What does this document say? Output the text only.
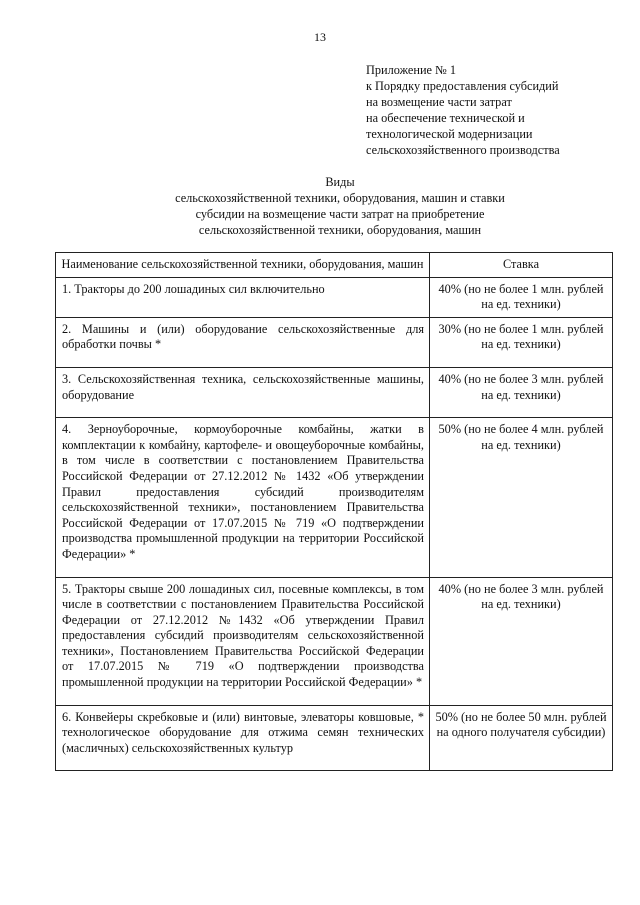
13
Приложение № 1
к Порядку предоставления субсидий
на возмещение части затрат
на обеспечение технической и
технологической модернизации
сельскохозяйственного производства
Виды
сельскохозяйственной техники, оборудования, машин и ставки
субсидии на возмещение части затрат на приобретение
сельскохозяйственной техники, оборудования, машин
Наименование сельскохозяйственной техники, оборудования, машин	Ставка
1. Тракторы до 200 лошадиных сил включительно	40% (но не более 1 млн. рублей на ед. техники)
2. Машины и (или) оборудование сельскохозяйственные для обработки почвы *	30% (но не более 1 млн. рублей на ед. техники)
3. Сельскохозяйственная техника, сельскохозяйственные машины, оборудование	40% (но не более 3 млн. рублей на ед. техники)
4. Зерноуборочные, кормоуборочные комбайны, жатки в комплектации к комбайну, картофеле- и овощеуборочные комбайны, в том числе в соответствии с постановлением Правительства Российской Федерации от 27.12.2012 № 1432 «Об утверждении Правил предоставления субсидий производителям сельскохозяйственной техники», постановлением Правительства Российской Федерации от 17.07.2015 № 719 «О подтверждении производства промышленной продукции на территории Российской Федерации» *	50% (но не более 4 млн. рублей на ед. техники)
5. Тракторы свыше 200 лошадиных сил, посевные комплексы, в том числе в соответствии с постановлением Правительства Российской Федерации от 27.12.2012 №1432 «Об утверждении Правил предоставления субсидий производителям сельскохозяйственной техники», Постановлением Правительства Российской Федерации от 17.07.2015 № 719 «О подтверждении производства промышленной продукции на территории Российской Федерации» *	40% (но не более 3 млн. рублей на ед. техники)
6. Конвейеры скребковые и (или) винтовые, элеваторы ковшовые, * технологическое оборудование для отжима семян технических (масличных) сельскохозяйственных культур	50% (но не более 50 млн. рублей на одного получателя субсидии)
